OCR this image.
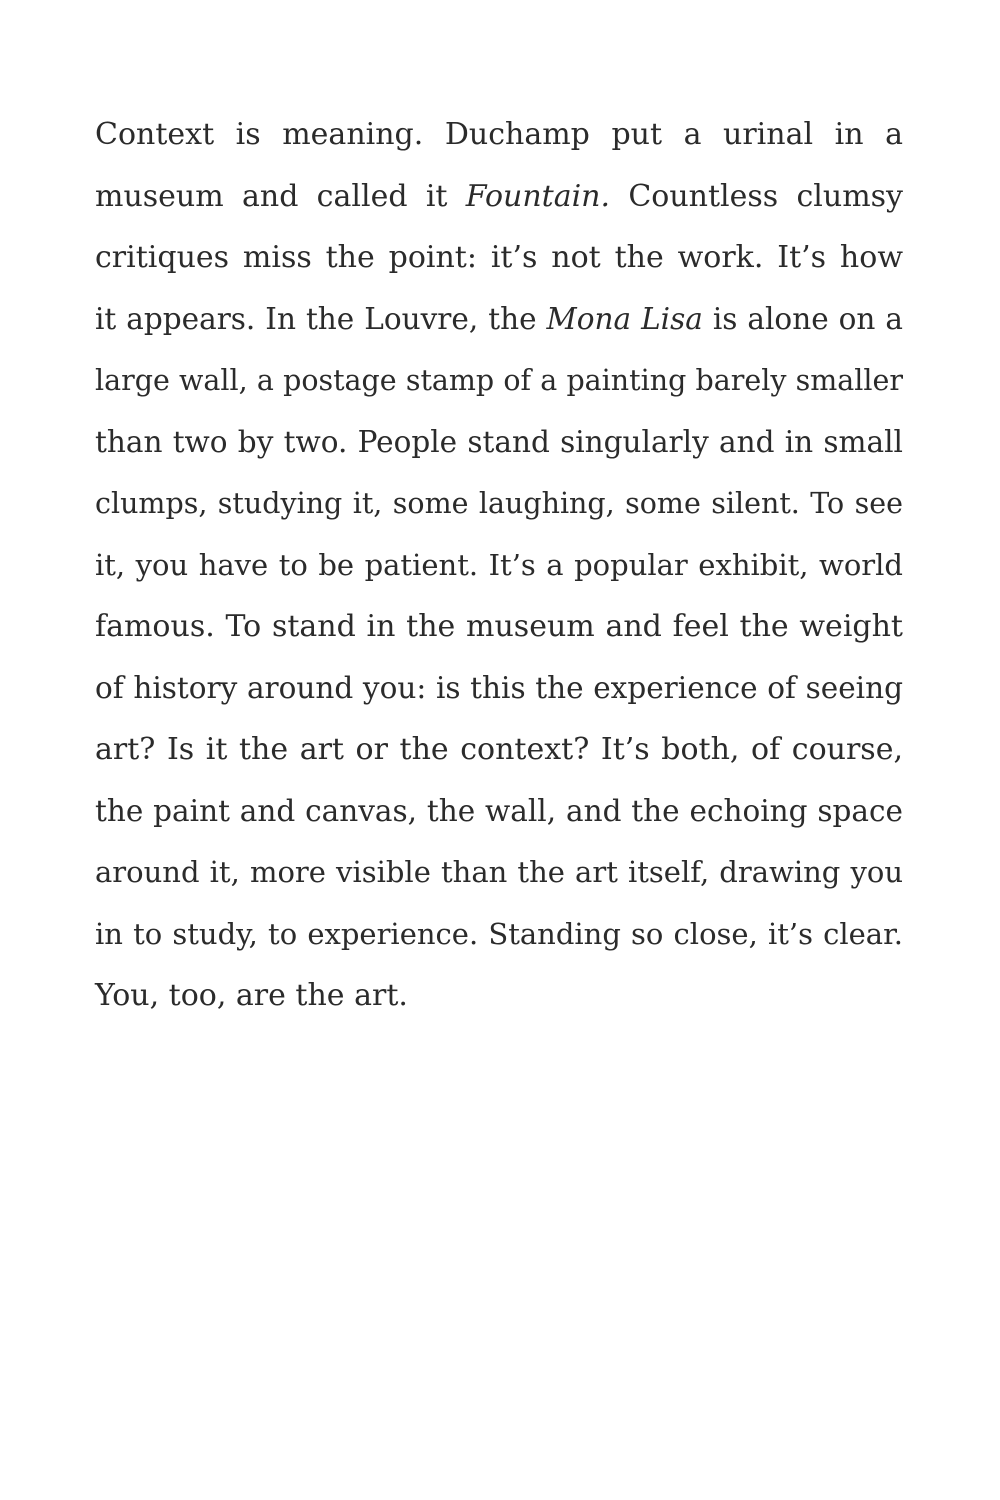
Context is meaning. Duchamp put a urinal in a
museum and called it Fountain. Countless clumsy
critiques miss the point: it’s not the work. It’s how
it appears. In the Louvre, the Mona Lisa is alone on a
large wall, a postage stamp of a painting barely smaller
than two by two. People stand singularly and in small
clumps, studying it, some laughing, some silent. To see
it, you have to be patient. It’s a popular exhibit, world
famous. To stand in the museum and feel the weight
of history around you: is this the experience of seeing
art? Is it the art or the context? It’s both, of course,
the paint and canvas, the wall, and the echoing space
around it, more visible than the art itself, drawing you
in to study, to experience. Standing so close, it’s clear.
You, too, are the art.
